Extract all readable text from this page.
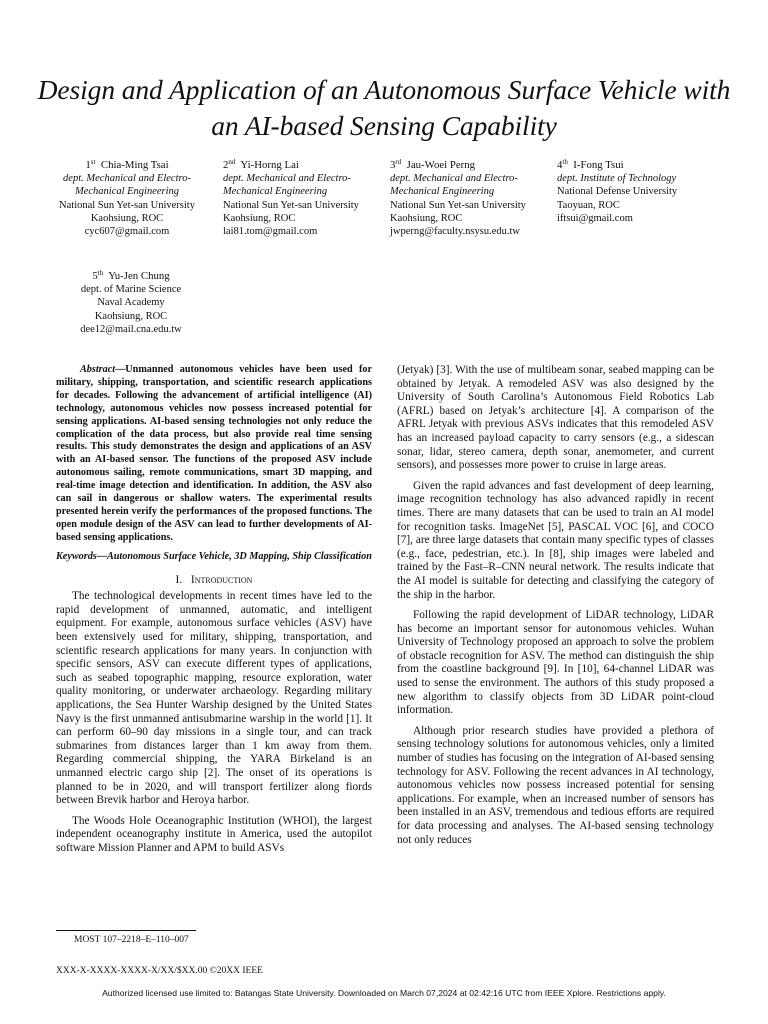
Design and Application of an Autonomous Surface Vehicle with an AI-based Sensing Capability
1st Chia-Ming Tsai
dept. Mechanical and Electro-Mechanical Engineering
National Sun Yet-san University
Kaohsiung, ROC
cyc607@gmail.com
2nd Yi-Horng Lai
dept. Mechanical and Electro-Mechanical Engineering
National Sun Yet-san University
Kaohsiung, ROC
lai81.tom@gmail.com
3rd Jau-Woei Perng
dept. Mechanical and Electro-Mechanical Engineering
National Sun Yet-san University
Kaohsiung, ROC
jwperng@faculty.nsysu.edu.tw
4th I-Fong Tsui
dept. Institute of Technology
National Defense University
Taoyuan, ROC
iftsui@gmail.com
5th Yu-Jen Chung
dept. of Marine Science
Naval Academy
Kaohsiung, ROC
dee12@mail.cna.edu.tw

Abstract—Unmanned autonomous vehicles have been used for military, shipping, transportation, and scientific research applications for decades. Following the advancement of artificial intelligence (AI) technology, autonomous vehicles now possess increased potential for sensing applications. AI-based sensing technologies not only reduce the complication of the data process, but also provide real time sensing results. This study demonstrates the design and applications of an ASV with an AI-based sensor. The functions of the proposed ASV include autonomous sailing, remote communications, smart 3D mapping, and real-time image detection and identification. In addition, the ASV also can sail in dangerous or shallow waters. The experimental results presented herein verify the performances of the proposed functions. The open module design of the ASV can lead to further developments of AI-based sensing applications.

Keywords—Autonomous Surface Vehicle, 3D Mapping, Ship Classification

I. Introduction

The technological developments in recent times have led to the rapid development of unmanned, automatic, and intelligent equipment. For example, autonomous surface vehicles (ASV) have been extensively used for military, shipping, transportation, and scientific research applications for many years. In conjunction with specific sensors, ASV can execute different types of applications, such as seabed topographic mapping, resource exploration, water quality monitoring, or underwater archaeology. Regarding military applications, the Sea Hunter Warship designed by the United States Navy is the first unmanned antisubmarine warship in the world [1]. It can perform 60–90 day missions in a single tour, and can track submarines from distances larger than 1 km away from them. Regarding commercial shipping, the YARA Birkeland is an unmanned electric cargo ship [2]. The onset of its operations is planned to be in 2020, and will transport fertilizer along fiords between Brevik harbor and Heroya harbor.

The Woods Hole Oceanographic Institution (WHOI), the largest independent oceanography institute in America, used the autopilot software Mission Planner and APM to build ASVs

(Jetyak) [3]. With the use of multibeam sonar, seabed mapping can be obtained by Jetyak. A remodeled ASV was also designed by the University of South Carolina’s Autonomous Field Robotics Lab (AFRL) based on Jetyak’s architecture [4]. A comparison of the AFRL Jetyak with previous ASVs indicates that this remodeled ASV has an increased payload capacity to carry sensors (e.g., a sidescan sonar, lidar, stereo camera, depth sonar, anemometer, and current sensors), and possesses more power to cruise in large areas.

Given the rapid advances and fast development of deep learning, image recognition technology has also advanced rapidly in recent times. There are many datasets that can be used to train an AI model for recognition tasks. ImageNet [5], PASCAL VOC [6], and COCO [7], are three large datasets that contain many specific types of classes (e.g., face, pedestrian, etc.). In [8], ship images were labeled and trained by the Fast–R–CNN neural network. The results indicate that the AI model is suitable for detecting and classifying the category of the ship in the harbor.

Following the rapid development of LiDAR technology, LiDAR has become an important sensor for autonomous vehicles. Wuhan University of Technology proposed an approach to solve the problem of obstacle recognition for ASV. The method can distinguish the ship from the coastline background [9]. In [10], 64-channel LiDAR was used to sense the environment. The authors of this study proposed a new algorithm to classify objects from 3D LiDAR point-cloud information.

Although prior research studies have provided a plethora of sensing technology solutions for autonomous vehicles, only a limited number of studies has focusing on the integration of AI-based sensing technology for ASV. Following the recent advances in AI technology, autonomous vehicles now possess increased potential for sensing applications. For example, when an increased number of sensors has been installed in an ASV, tremendous and tedious efforts are required for data processing and analyses. The AI-based sensing technology not only reduces

MOST 107–2218–E–110–007
XXX-X-XXXX-XXXX-X/XX/$XX.00 ©20XX IEEE
Authorized licensed use limited to: Batangas State University. Downloaded on March 07,2024 at 02:42:16 UTC from IEEE Xplore. Restrictions apply.
